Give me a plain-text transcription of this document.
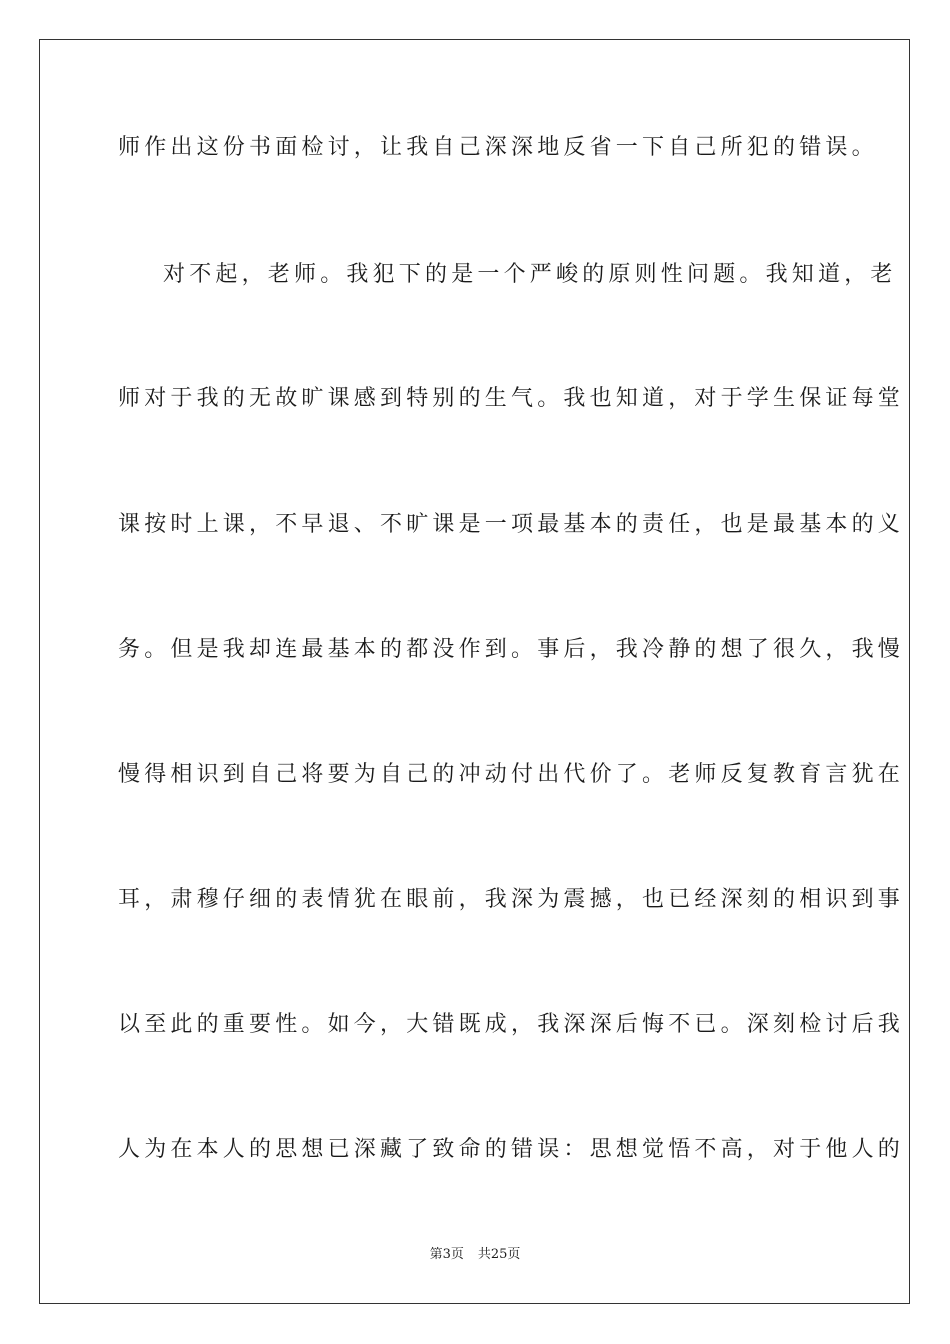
师作出这份书面检讨，让我自己深深地反省一下自己所犯的错误。
对不起，老师。我犯下的是一个严峻的原则性问题。我知道，老
师对于我的无故旷课感到特别的生气。我也知道，对于学生保证每堂
课按时上课，不早退、不旷课是一项最基本的责任，也是最基本的义
务。但是我却连最基本的都没作到。事后，我冷静的想了很久，我慢
慢得相识到自己将要为自己的冲动付出代价了。老师反复教育言犹在
耳，肃穆仔细的表情犹在眼前，我深为震撼，也已经深刻的相识到事
以至此的重要性。如今，大错既成，我深深后悔不已。深刻检讨后我
人为在本人的思想已深藏了致命的错误：思想觉悟不高，对于他人的
第3页 共25页
